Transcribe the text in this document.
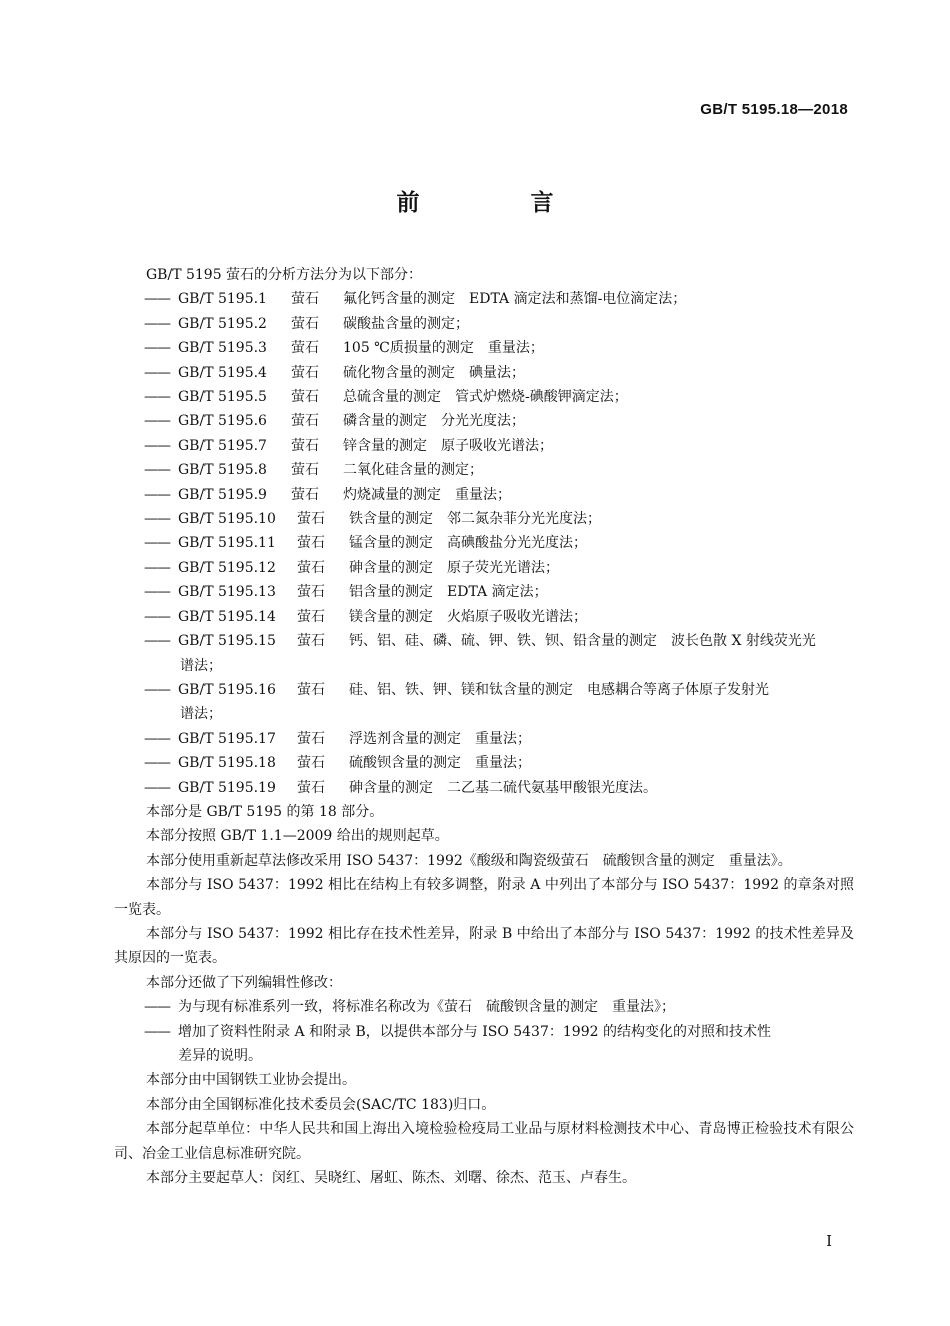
GB/T 5195.18—2018
前　言

GB/T 5195 萤石的分析方法分为以下部分：

—— GB/T 5195.1	萤石	氟化钙含量的测定　EDTA 滴定法和蒸馏-电位滴定法；
—— GB/T 5195.2	萤石	碳酸盐含量的测定；
—— GB/T 5195.3	萤石	105 ℃质损量的测定　重量法；
—— GB/T 5195.4	萤石	硫化物含量的测定　碘量法；
—— GB/T 5195.5	萤石	总硫含量的测定　管式炉燃烧-碘酸钾滴定法；
—— GB/T 5195.6	萤石	磷含量的测定　分光光度法；
—— GB/T 5195.7	萤石	锌含量的测定　原子吸收光谱法；
—— GB/T 5195.8	萤石	二氧化硅含量的测定；
—— GB/T 5195.9	萤石	灼烧减量的测定　重量法；
—— GB/T 5195.10	萤石	铁含量的测定　邻二氮杂菲分光光度法；
—— GB/T 5195.11	萤石	锰含量的测定　高碘酸盐分光光度法；
—— GB/T 5195.12	萤石	砷含量的测定　原子荧光光谱法；
—— GB/T 5195.13	萤石	铝含量的测定　EDTA 滴定法；
—— GB/T 5195.14	萤石	镁含量的测定　火焰原子吸收光谱法；
—— GB/T 5195.15	萤石	钙、铝、硅、磷、硫、钾、铁、钡、铅含量的测定　波长色散 X 射线荧光光
谱法；
—— GB/T 5195.16	萤石	硅、铝、铁、钾、镁和钛含量的测定　电感耦合等离子体原子发射光
谱法；
—— GB/T 5195.17	萤石	浮选剂含量的测定　重量法；
—— GB/T 5195.18	萤石	硫酸钡含量的测定　重量法；
—— GB/T 5195.19	萤石	砷含量的测定　二乙基二硫代氨基甲酸银光度法。

本部分是 GB/T 5195 的第 18 部分。

本部分按照 GB/T 1.1—2009 给出的规则起草。

本部分使用重新起草法修改采用 ISO 5437：1992《酸级和陶瓷级萤石　硫酸钡含量的测定　重量法》。

本部分与 ISO 5437：1992 相比在结构上有较多调整，附录 A 中列出了本部分与 ISO 5437：1992 的章条对照一览表。

本部分与 ISO 5437：1992 相比存在技术性差异，附录 B 中给出了本部分与 ISO 5437：1992 的技术性差异及其原因的一览表。

本部分还做了下列编辑性修改：

—— 为与现有标准系列一致，将标准名称改为《萤石　硫酸钡含量的测定　重量法》；
—— 增加了资料性附录 A 和附录 B，以提供本部分与 ISO 5437：1992 的结构变化的对照和技术性
差异的说明。

本部分由中国钢铁工业协会提出。

本部分由全国钢标准化技术委员会(SAC/TC 183)归口。

本部分起草单位：中华人民共和国上海出入境检验检疫局工业品与原材料检测技术中心、青岛博正检验技术有限公司、冶金工业信息标准研究院。

本部分主要起草人：闵红、吴晓红、屠虹、陈杰、刘曙、徐杰、范玉、卢春生。

I
